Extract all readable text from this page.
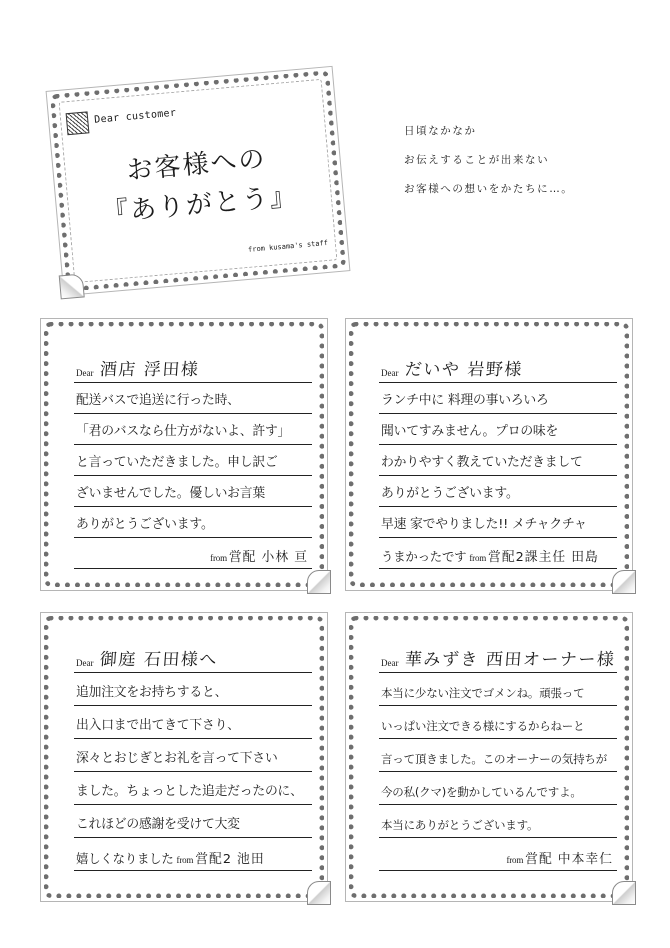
Dear customer
お客様への
『ありがとう』
from kusama's staff
日頃なかなか
お伝えすることが出来ない
お客様への想いをかたちに…。
Dear 酒店 浮田様
配送バスで追送に行った時、
「君のバスなら仕方がないよ、許す」
と言っていただきました。申し訳ご
ざいませんでした。優しいお言葉
ありがとうございます。
from 営配 小林 亘
Dear だいや 岩野様
ランチ中に 料理の事いろいろ
聞いてすみません。プロの味を
わかりやすく教えていただきまして
ありがとうございます。
早速 家でやりました!! メチャクチャ
うまかったです from 営配2課主任 田島
Dear 御庭 石田様へ
追加注文をお持ちすると、
出入口まで出てきて下さり、
深々とおじぎとお礼を言って下さい
ました。ちょっとした追走だったのに、
これほどの感謝を受けて大変
嬉しくなりました from 営配2 池田
Dear 華みずき 西田オーナー様
本当に少ない注文でゴメンね。頑張って
いっぱい注文できる様にするからねーと
言って頂きました。このオーナーの気持ちが
今の私(クマ)を動かしているんですよ。
本当にありがとうございます。
from 営配 中本幸仁
